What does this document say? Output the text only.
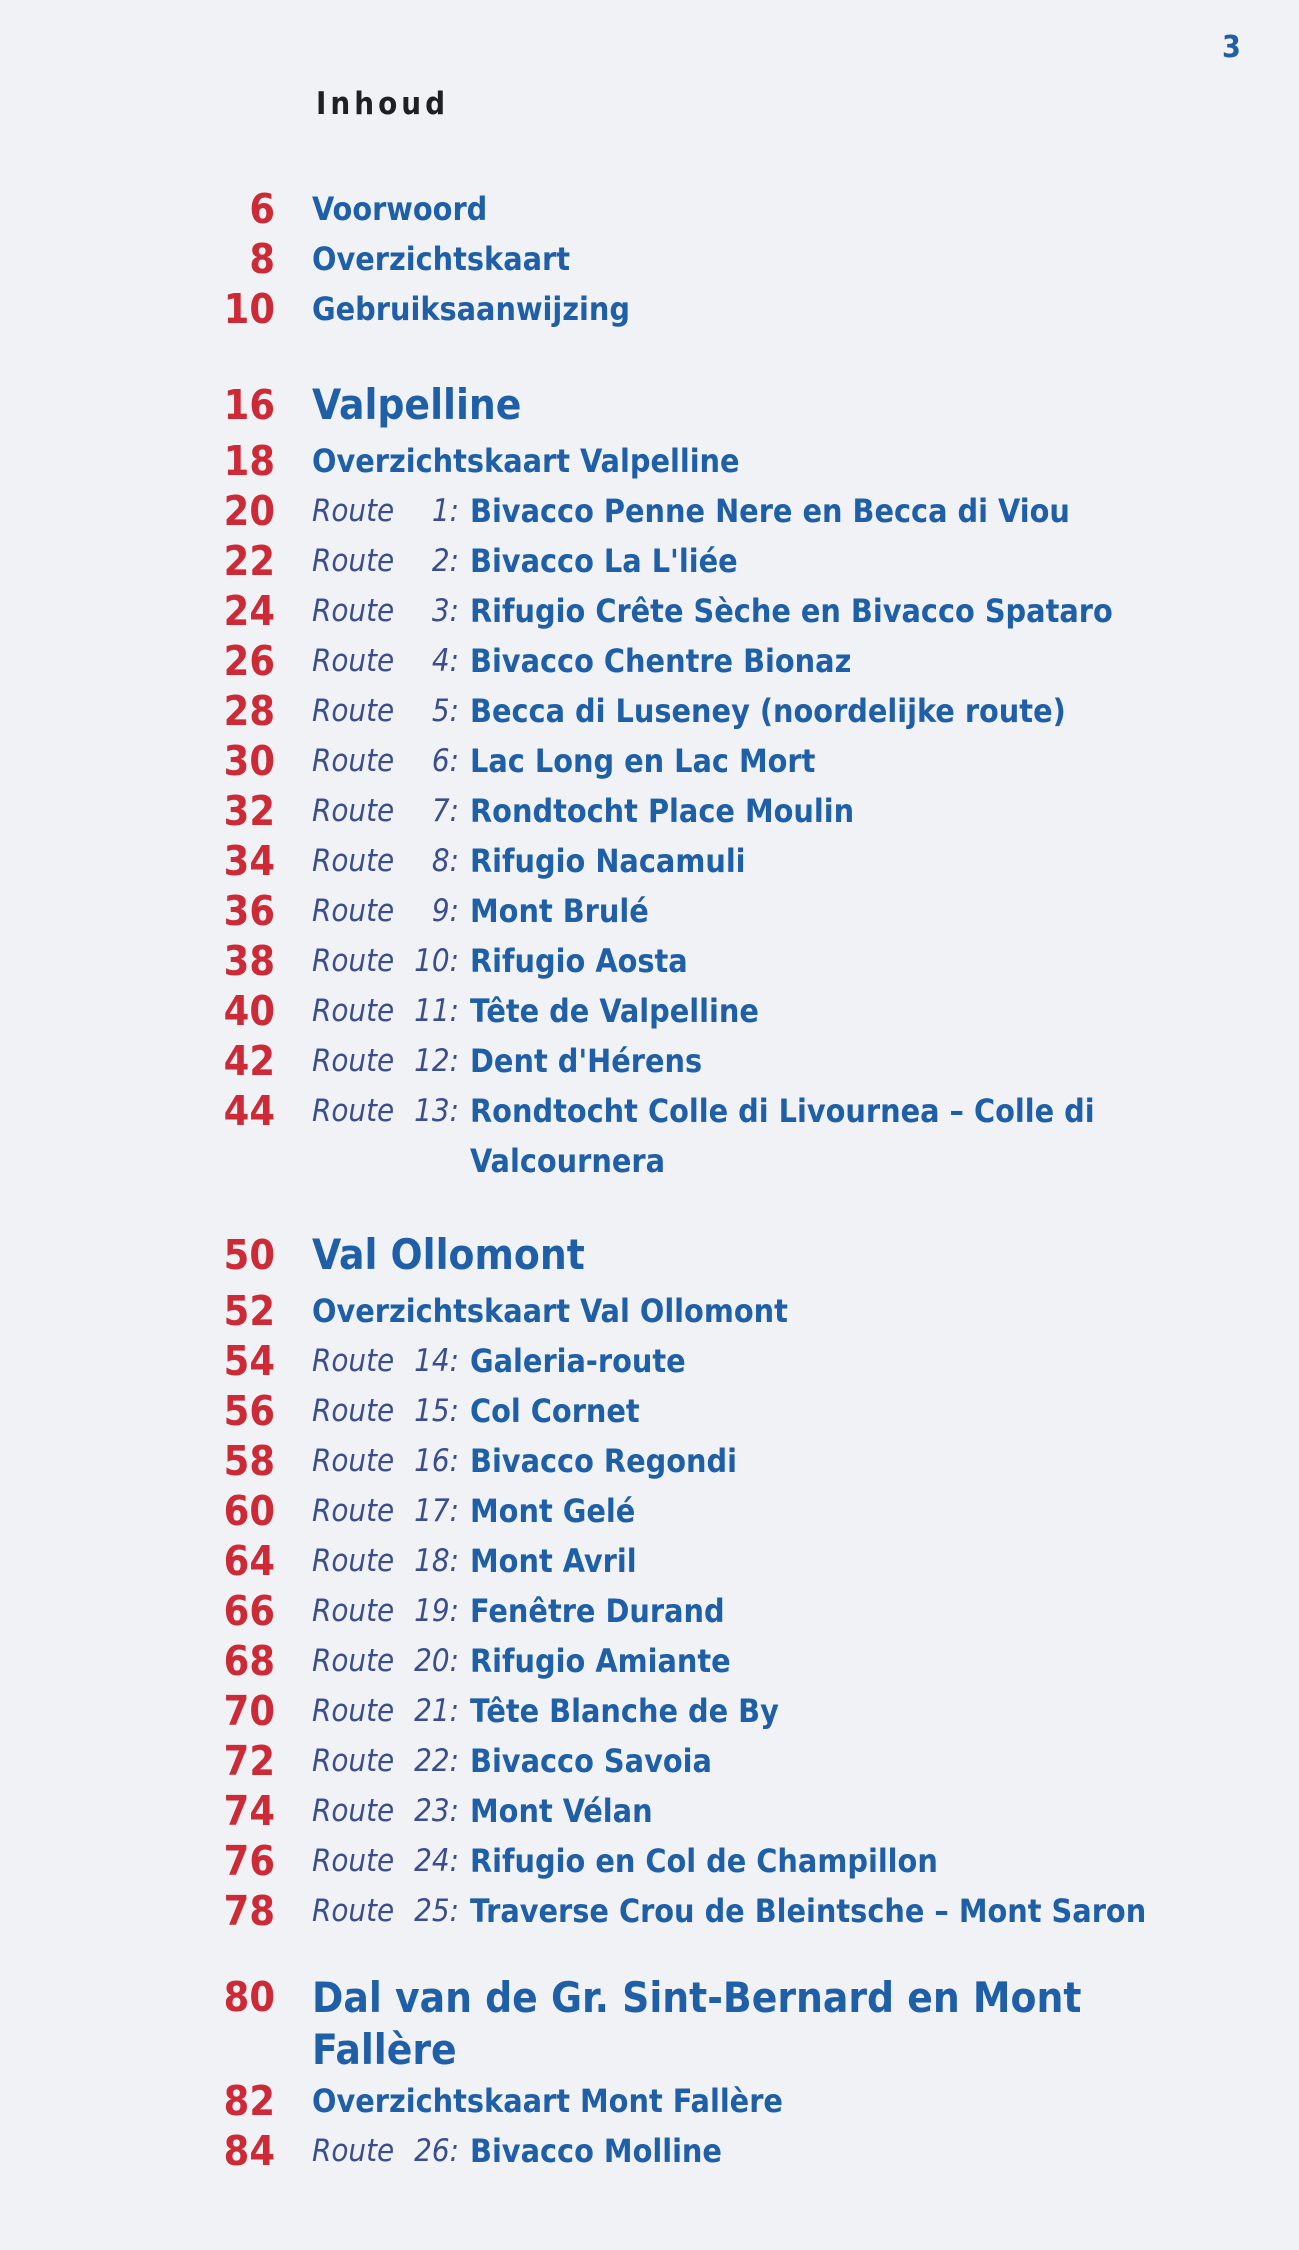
3
Inhoud
6 Voorwoord
8 Overzichtskaart
10 Gebruiksaanwijzing
16 Valpelline
18 Overzichtskaart Valpelline
20 Route	1: Bivacco Penne Nere en Becca di Viou
22 Route	2: Bivacco La L'liée
24 Route	3: Rifugio Crête Sèche en Bivacco Spataro
26 Route	4: Bivacco Chentre Bionaz
28 Route	5: Becca di Luseney (noordelijke route)
30 Route	6: Lac Long en Lac Mort
32 Route	7: Rondtocht Place Moulin
34 Route	8: Rifugio Nacamuli
36 Route	9: Mont Brulé
38 Route 10: Rifugio Aosta
40 Route 11: Tête de Valpelline
42 Route 12: Dent d'Hérens
44 Route 13: Rondtocht Colle di Livournea – Colle di Valcournera
50 Val Ollomont
52 Overzichtskaart Val Ollomont
54 Route 14: Galeria-route
56 Route 15: Col Cornet
58 Route 16: Bivacco Regondi
60 Route 17: Mont Gelé
64 Route 18: Mont Avril
66 Route 19: Fenêtre Durand
68 Route 20: Rifugio Amiante
70 Route 21: Tête Blanche de By
72 Route 22: Bivacco Savoia
74 Route 23: Mont Vélan
76 Route 24: Rifugio en Col de Champillon
78 Route 25: Traverse Crou de Bleintsche – Mont Saron
80 Dal van de Gr. Sint-Bernard en Mont Fallère
82 Overzichtskaart Mont Fallère
84 Route 26: Bivacco Molline
